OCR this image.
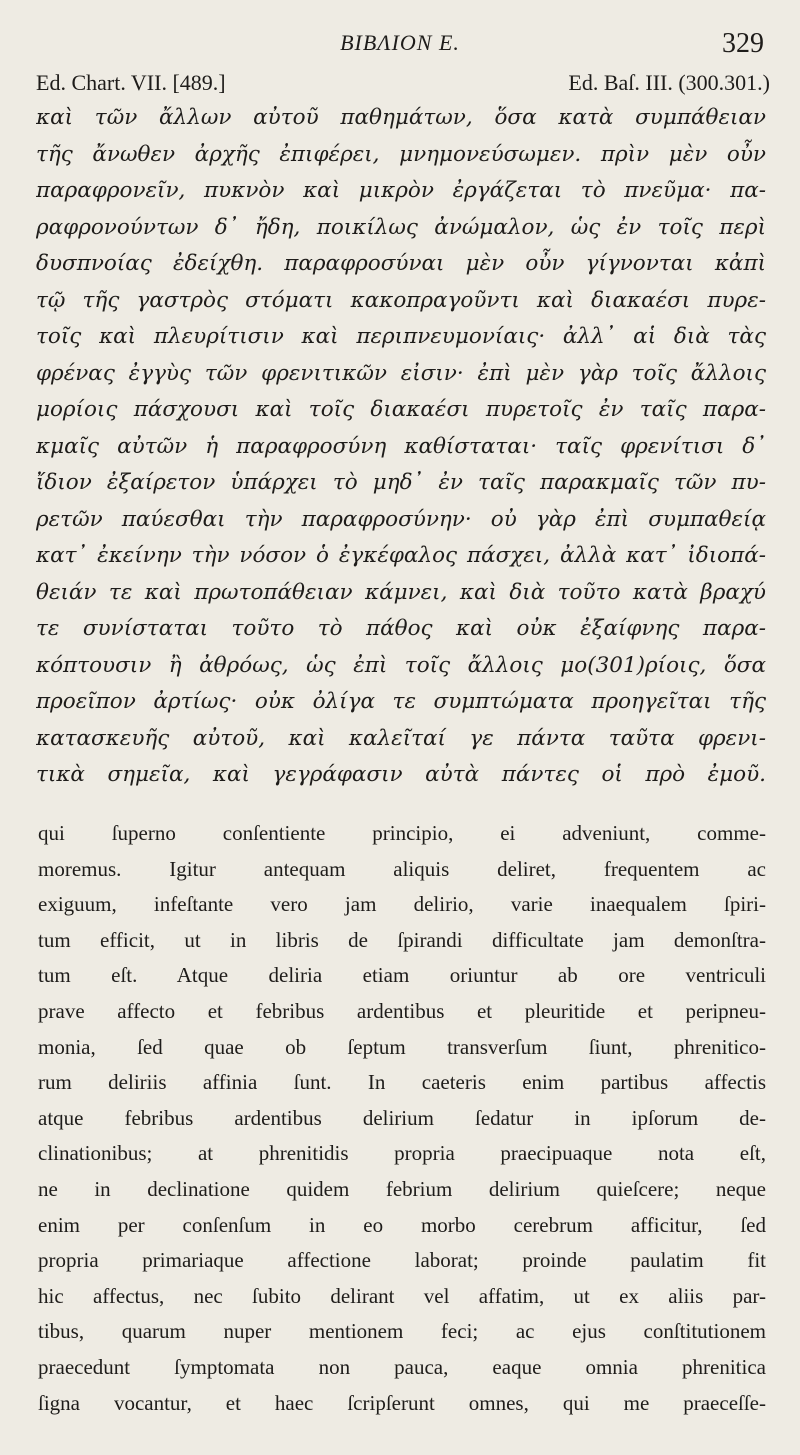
ΒΙΒΛΙΟΝ Ε.	329
Ed. Chart. VII. [489.]	Ed. Baſ. III. (300.301.)
καὶ τῶν ἄλλων αὐτοῦ παθημάτων, ὅσα κατὰ συμπάθειαν
τῆς ἄνωθεν ἀρχῆς ἐπιφέρει, μνημονεύσωμεν. πρὶν μὲν οὖν
παραφρονεῖν, πυκνὸν καὶ μικρὸν ἐργάζεται τὸ πνεῦμα· πα-
ραφρονούντων δ᾽ ἤδη, ποικίλως ἀνώμαλον, ὡς ἐν τοῖς περὶ
δυσπνοίας ἐδείχθη. παραφροσύναι μὲν οὖν γίγνονται κἀπὶ
τῷ τῆς γαστρὸς στόματι κακοπραγοῦντι καὶ διακαέσι πυρε-
τοῖς καὶ πλευρίτισιν καὶ περιπνευμονίαις· ἀλλ᾽ αἱ διὰ τὰς
φρένας ἐγγὺς τῶν φρενιτικῶν εἰσιν· ἐπὶ μὲν γὰρ τοῖς ἄλλοις
μορίοις πάσχουσι καὶ τοῖς διακαέσι πυρετοῖς ἐν ταῖς παρα-
κμαῖς αὐτῶν ἡ παραφροσύνη καθίσταται· ταῖς φρενίτισι δ᾽
ἴδιον ἐξαίρετον ὑπάρχει τὸ μηδ᾽ ἐν ταῖς παρακμαῖς τῶν πυ-
ρετῶν παύεσθαι τὴν παραφροσύνην· οὐ γὰρ ἐπὶ συμπαθείᾳ
κατ᾽ ἐκείνην τὴν νόσον ὁ ἐγκέφαλος πάσχει, ἀλλὰ κατ᾽ ἰδιοπά-
θειάν τε καὶ πρωτοπάθειαν κάμνει, καὶ διὰ τοῦτο κατὰ βραχύ
τε συνίσταται τοῦτο τὸ πάθος καὶ οὐκ ἐξαίφνης παρα-
κόπτουσιν ἢ ἀθρόως, ὡς ἐπὶ τοῖς ἄλλοις μο(301)ρίοις, ὅσα
προεῖπον ἀρτίως· οὐκ ὀλίγα τε συμπτώματα προηγεῖται τῆς
κατασκευῆς αὐτοῦ, καὶ καλεῖταί γε πάντα ταῦτα φρενι-
τικὰ σημεῖα, καὶ γεγράφασιν αὐτὰ πάντες οἱ πρὸ ἐμοῦ.
qui ſuperno conſentiente principio, ei adveniunt, comme-
moremus. Igitur antequam aliquis deliret, frequentem ac
exiguum, infeſtante vero jam delirio, varie inaequalem ſpiri-
tum efficit, ut in libris de ſpirandi difficultate jam demonſtra-
tum eſt. Atque deliria etiam oriuntur ab ore ventriculi
prave affecto et febribus ardentibus et pleuritide et peripneu-
monia, ſed quae ob ſeptum transverſum ſiunt, phreniticо-
rum deliriis affinia ſunt. In caeteris enim partibus affectis
atque febribus ardentibus delirium ſedatur in ipſorum de-
clinationibus; at phrenitidis propria praecipuaque nota eſt,
ne in declinatione quidem febrium delirium quieſcere; neque
enim per conſenſum in eo morbo cerebrum afficitur, ſed
propria primariaque affectione laborat; proinde paulatim fit
hic affectus, nec ſubito delirant vel affatim, ut ex aliis par-
tibus, quarum nuper mentionem feci; ac ejus conſtitutionem
praecedunt ſymptomata non pauca, eaque omnia phrenitica
ſigna vocantur, et haec ſcripſerunt omnes, qui me praeceſſe-
